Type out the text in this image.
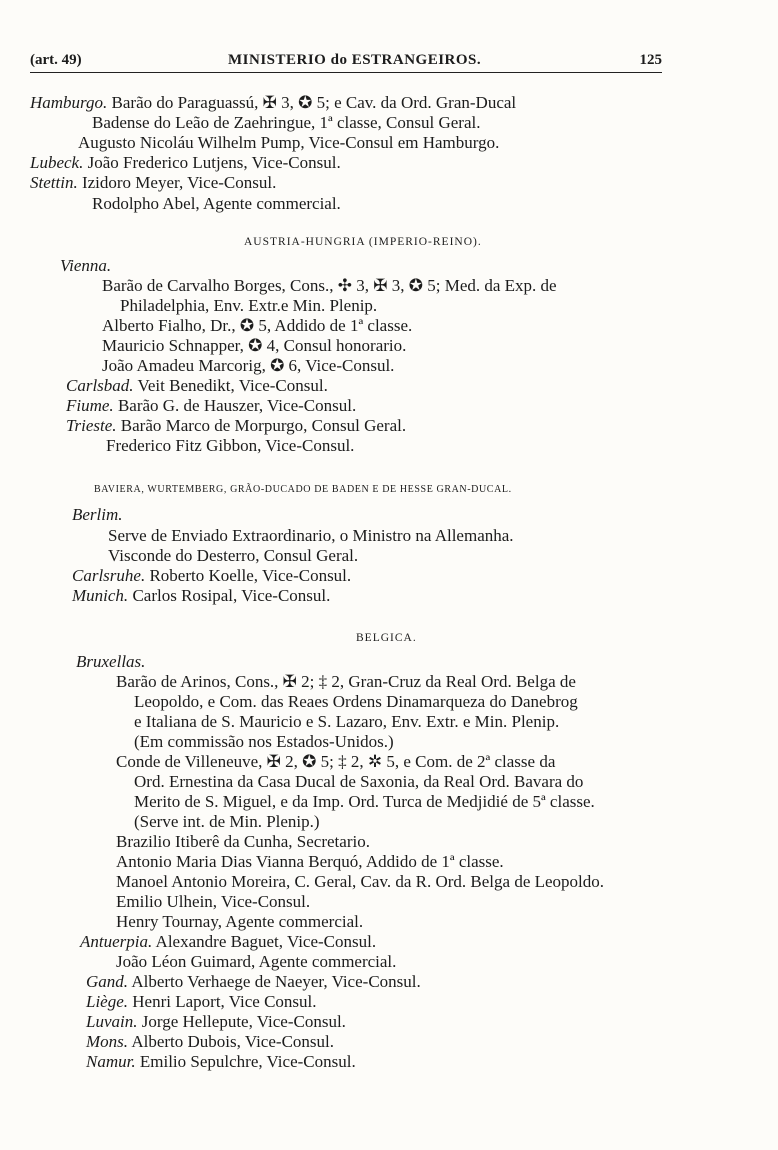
(art. 49)	MINISTERIO do ESTRANGEIROS.	125
Hamburgo. Barão do Paraguassú, ✠ 3, ✪ 5; e Cav. da Ord. Gran-Ducal
Badense do Leão de Zaehringue, 1ª classe, Consul Geral.
Augusto Nicoláu Wilhelm Pump, Vice-Consul em Hamburgo.
Lubeck. João Frederico Lutjens, Vice-Consul.
Stettin. Izidoro Meyer, Vice-Consul.
Rodolpho Abel, Agente commercial.
AUSTRIA-HUNGRIA (IMPERIO-REINO).
Vienna.
Barão de Carvalho Borges, Cons., ✣ 3, ✠ 3, ✪ 5; Med. da Exp. de
Philadelphia, Env. Extr.e Min. Plenip.
Alberto Fialho, Dr., ✪ 5, Addido de 1ª classe.
Mauricio Schnapper, ✪ 4, Consul honorario.
João Amadeu Marcorig, ✪ 6, Vice-Consul.
Carlsbad. Veit Benedikt, Vice-Consul.
Fiume. Barão G. de Hauszer, Vice-Consul.
Trieste. Barão Marco de Morpurgo, Consul Geral.
Frederico Fitz Gibbon, Vice-Consul.
BAVIERA, WURTEMBERG, GRÃO-DUCADO DE BADEN E DE HESSE GRAN-DUCAL.
Berlim.
Serve de Enviado Extraordinario, o Ministro na Allemanha.
Visconde do Desterro, Consul Geral.
Carlsruhe. Roberto Koelle, Vice-Consul.
Munich. Carlos Rosipal, Vice-Consul.
BELGICA.
Bruxellas.
Barão de Arinos, Cons., ✠ 2; ‡ 2, Gran-Cruz da Real Ord. Belga de
Leopoldo, e Com. das Reaes Ordens Dinamarqueza do Danebrog
e Italiana de S. Mauricio e S. Lazaro, Env. Extr. e Min. Plenip.
(Em commissão nos Estados-Unidos.)
Conde de Villeneuve, ✠ 2, ✪ 5; ‡ 2, ✲ 5, e Com. de 2ª classe da
Ord. Ernestina da Casa Ducal de Saxonia, da Real Ord. Bavara do
Merito de S. Miguel, e da Imp. Ord. Turca de Medjidié de 5ª classe.
(Serve int. de Min. Plenip.)
Brazilio Itiberê da Cunha, Secretario.
Antonio Maria Dias Vianna Berquó, Addido de 1ª classe.
Manoel Antonio Moreira, C. Geral, Cav. da R. Ord. Belga de Leopoldo.
Emilio Ulhein, Vice-Consul.
Henry Tournay, Agente commercial.
Antuerpia. Alexandre Baguet, Vice-Consul.
João Léon Guimard, Agente commercial.
Gand. Alberto Verhaege de Naeyer, Vice-Consul.
Liège. Henri Laport, Vice Consul.
Luvain. Jorge Hellepute, Vice-Consul.
Mons. Alberto Dubois, Vice-Consul.
Namur. Emilio Sepulchre, Vice-Consul.
